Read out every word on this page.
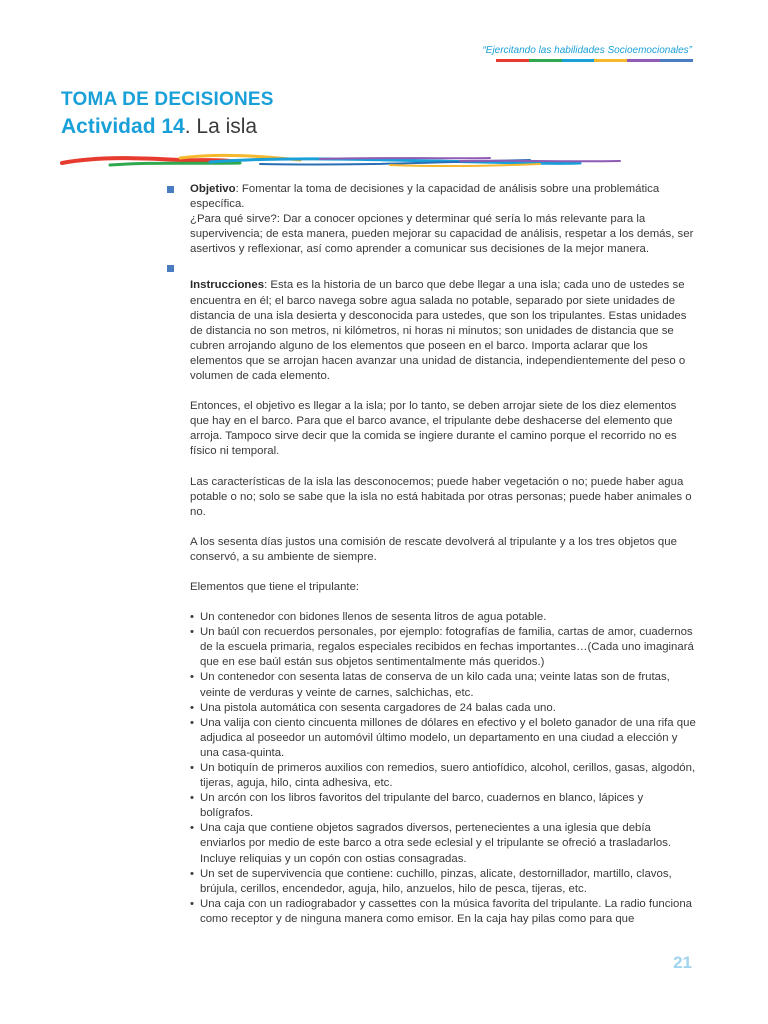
“Ejercitando las habilidades Socioemocionales”
TOMA DE DECISIONES
Actividad 14. La isla

Objetivo: Fomentar la toma de decisiones y la capacidad de análisis sobre una problemática específica.

¿Para qué sirve?: Dar a conocer opciones y determinar qué sería lo más relevante para la supervivencia; de esta manera, pueden mejorar su capacidad de análisis, respetar a los demás, ser asertivos y reflexionar, así como aprender a comunicar sus decisiones de la mejor manera.

Instrucciones: Esta es la historia de un barco que debe llegar a una isla; cada uno de ustedes se encuentra en él; el barco navega sobre agua salada no potable, separado por siete unidades de distancia de una isla desierta y desconocida para ustedes, que son los tripulantes. Estas unidades de distancia no son metros, ni kilómetros, ni horas ni minutos; son unidades de distancia que se cubren arrojando alguno de los elementos que poseen en el barco. Importa aclarar que los elementos que se arrojan hacen avanzar una unidad de distancia, independientemente del peso o volumen de cada elemento.

Entonces, el objetivo es llegar a la isla; por lo tanto, se deben arrojar siete de los diez elementos que hay en el barco. Para que el barco avance, el tripulante debe deshacerse del elemento que arroja. Tampoco sirve decir que la comida se ingiere durante el camino porque el recorrido no es físico ni temporal.

Las características de la isla las desconocemos; puede haber vegetación o no; puede haber agua potable o no; solo se sabe que la isla no está habitada por otras personas; puede haber animales o no.

A los sesenta días justos una comisión de rescate devolverá al tripulante y a los tres objetos que conservó, a su ambiente de siempre.

Elementos que tiene el tripulante:

• Un contenedor con bidones llenos de sesenta litros de agua potable.
• Un baúl con recuerdos personales, por ejemplo: fotografías de familia, cartas de amor, cuadernos de la escuela primaria, regalos especiales recibidos en fechas importantes…(Cada uno imaginará que en ese baúl están sus objetos sentimentalmente más queridos.)
• Un contenedor con sesenta latas de conserva de un kilo cada una; veinte latas son de frutas, veinte de verduras y veinte de carnes, salchichas, etc.
• Una pistola automática con sesenta cargadores de 24 balas cada uno.
• Una valija con ciento cincuenta millones de dólares en efectivo y el boleto ganador de una rifa que adjudica al poseedor un automóvil último modelo, un departamento en una ciudad a elección y una casa-quinta.
• Un botiquín de primeros auxilios con remedios, suero antiofídico, alcohol, cerillos, gasas, algodón, tijeras, aguja, hilo, cinta adhesiva, etc.
• Un arcón con los libros favoritos del tripulante del barco, cuadernos en blanco, lápices y bolígrafos.
• Una caja que contiene objetos sagrados diversos, pertenecientes a una iglesia que debía enviarlos por medio de este barco a otra sede eclesial y el tripulante se ofreció a trasladarlos. Incluye reliquias y un copón con ostias consagradas.
• Un set de supervivencia que contiene: cuchillo, pinzas, alicate, destornillador, martillo, clavos, brújula, cerillos, encendedor, aguja, hilo, anzuelos, hilo de pesca, tijeras, etc.
• Una caja con un radiograbador y cassettes con la música favorita del tripulante. La radio funciona como receptor y de ninguna manera como emisor. En la caja hay pilas como para que
21
